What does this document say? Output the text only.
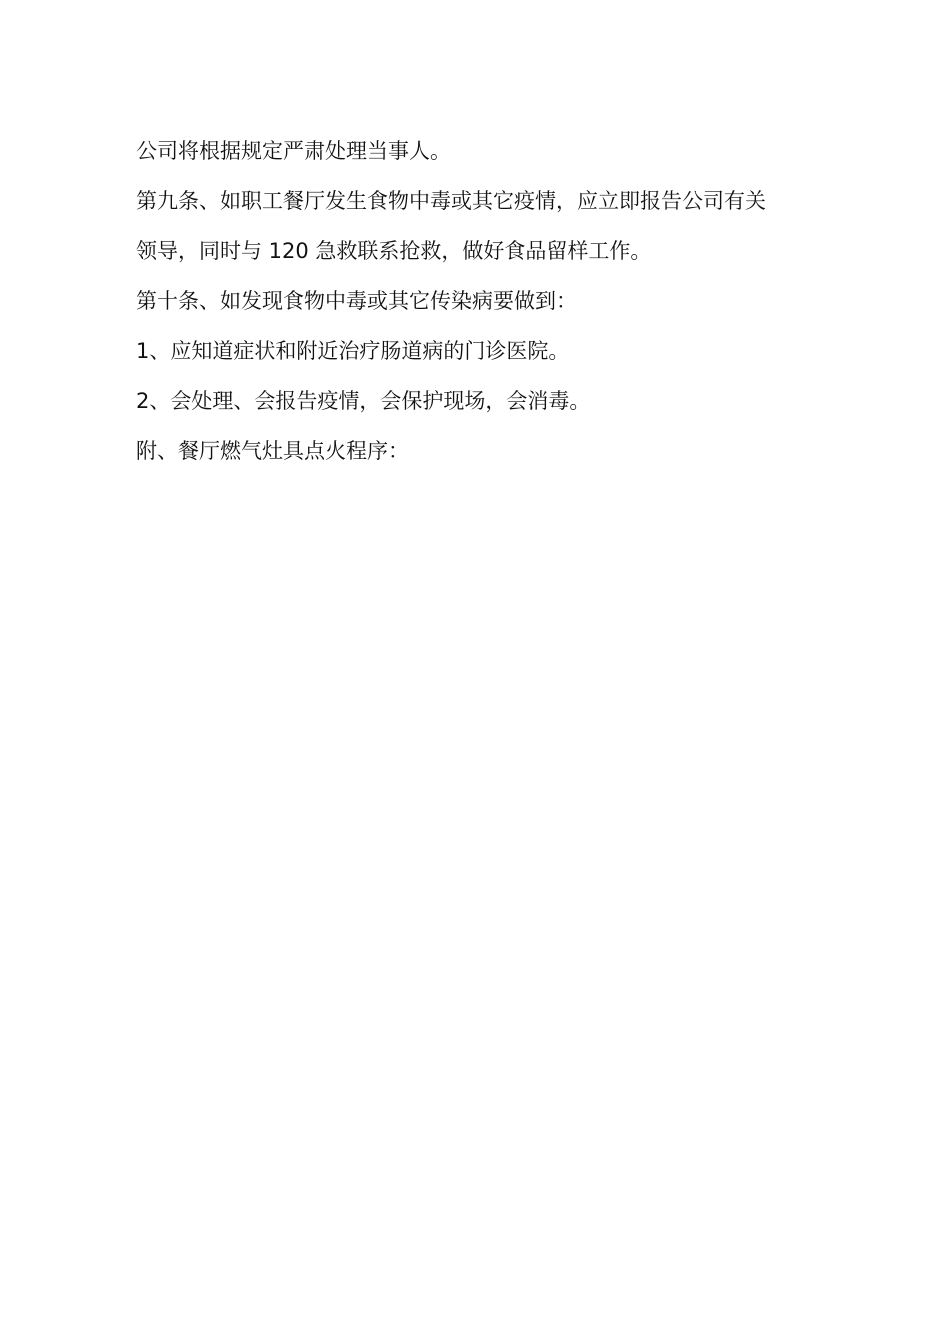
公司将根据规定严肃处理当事人。
第九条、如职工餐厅发生食物中毒或其它疫情，应立即报告公司有关
领导，同时与 120 急救联系抢救，做好食品留样工作。
第十条、如发现食物中毒或其它传染病要做到：
1、应知道症状和附近治疗肠道病的门诊医院。
2、会处理、会报告疫情，会保护现场，会消毒。
附、餐厅燃气灶具点火程序：
